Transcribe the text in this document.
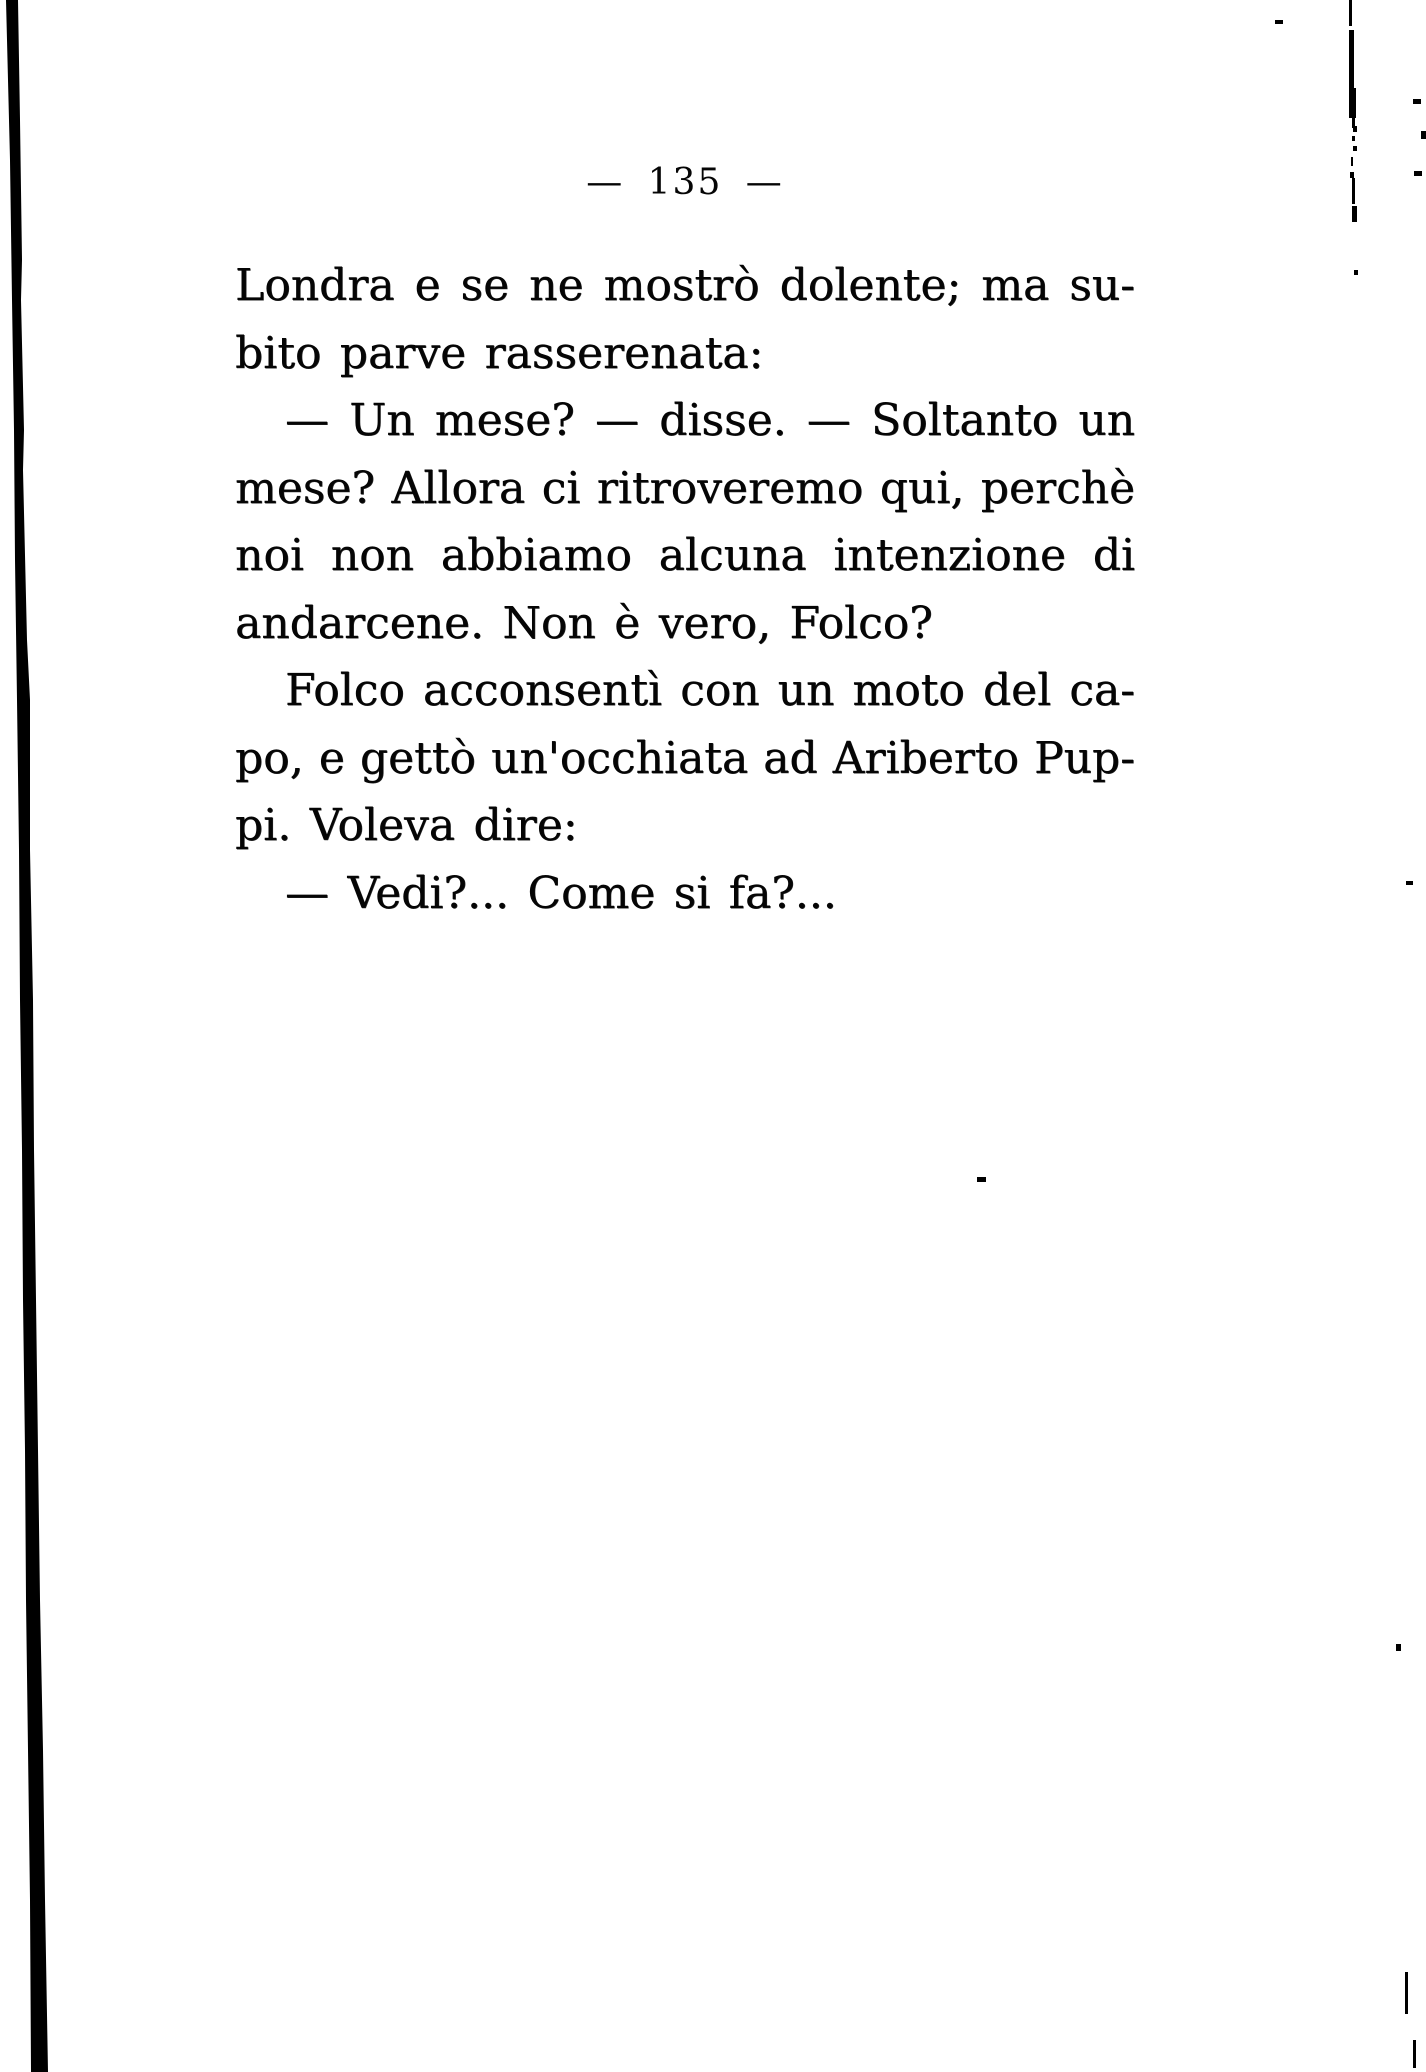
— 135 —
Londra e se ne mostrò dolente; ma su-
bito parve rasserenata:
— Un mese? — disse. — Soltanto un
mese? Allora ci ritroveremo qui, perchè
noi non abbiamo alcuna intenzione di
andarcene. Non è vero, Folco?
Folco acconsentì con un moto del ca-
po, e gettò un'occhiata ad Ariberto Pup-
pi. Voleva dire:
— Vedi?... Come si fa?...
